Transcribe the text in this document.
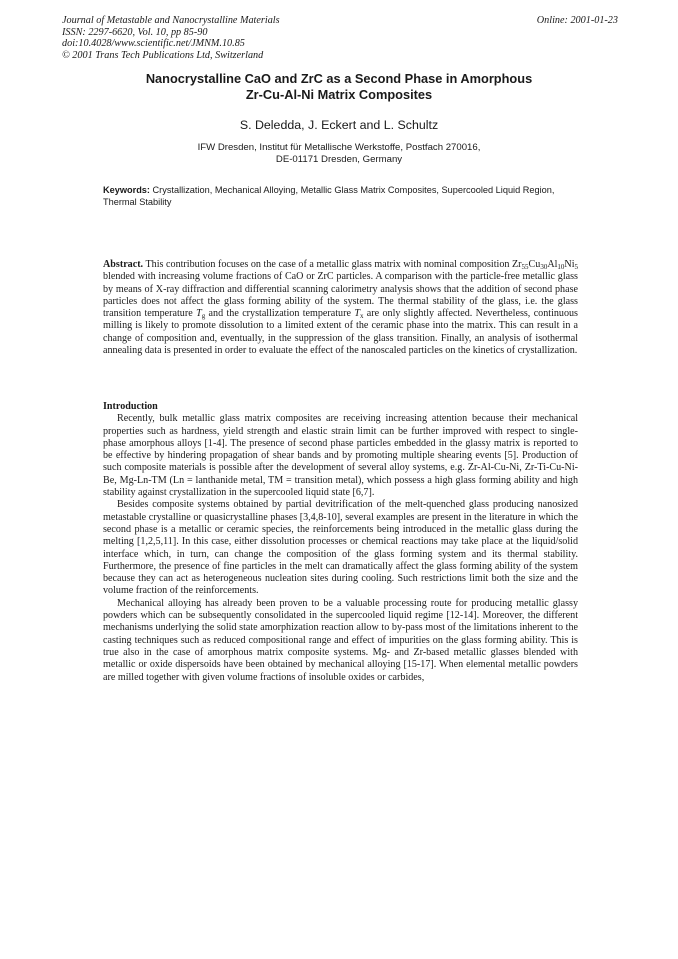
Journal of Metastable and Nanocrystalline Materials
ISSN: 2297-6620, Vol. 10, pp 85-90
doi:10.4028/www.scientific.net/JMNM.10.85
© 2001 Trans Tech Publications Ltd, Switzerland
Online: 2001-01-23
Nanocrystalline CaO and ZrC as a Second Phase in Amorphous
Zr-Cu-Al-Ni Matrix Composites
S. Deledda, J. Eckert and L. Schultz
IFW Dresden, Institut für Metallische Werkstoffe, Postfach 270016,
DE-01171 Dresden, Germany
Keywords: Crystallization, Mechanical Alloying, Metallic Glass Matrix Composites, Supercooled Liquid Region, Thermal Stability
Abstract. This contribution focuses on the case of a metallic glass matrix with nominal composition $Zr_{55}Cu_{30}Al_{10}Ni_5$ blended with increasing volume fractions of CaO or ZrC particles. A comparison with the particle-free metallic glass by means of X-ray diffraction and differential scanning calorimetry analysis shows that the addition of second phase particles does not affect the glass forming ability of the system. The thermal stability of the glass, i.e. the glass transition temperature $T_g$ and the crystallization temperature $T_x$ are only slightly affected. Nevertheless, continuous milling is likely to promote dissolution to a limited extent of the ceramic phase into the matrix. This can result in a change of composition and, eventually, in the suppression of the glass transition. Finally, an analysis of isothermal annealing data is presented in order to evaluate the effect of the nanoscaled particles on the kinetics of crystallization.
Introduction

Recently, bulk metallic glass matrix composites are receiving increasing attention because their mechanical properties such as hardness, yield strength and elastic strain limit can be further improved with respect to single-phase amorphous alloys [1-4]. The presence of second phase particles embedded in the glassy matrix is reported to be effective by hindering propagation of shear bands and by promoting multiple shearing events [5]. Production of such composite materials is possible after the development of several alloy systems, e.g. Zr-Al-Cu-Ni, Zr-Ti-Cu-Ni-Be, Mg-Ln-TM (Ln = lanthanide metal, TM = transition metal), which possess a high glass forming ability and high stability against crystallization in the supercooled liquid state [6,7].

Besides composite systems obtained by partial devitrification of the melt-quenched glass producing nanosized metastable crystalline or quasicrystalline phases [3,4,8-10], several examples are present in the literature in which the second phase is a metallic or ceramic species, the reinforcements being introduced in the metallic glass during the melting [1,2,5,11]. In this case, either dissolution processes or chemical reactions may take place at the liquid/solid interface which, in turn, can change the composition of the glass forming system and its thermal stability. Furthermore, the presence of fine particles in the melt can dramatically affect the glass forming ability of the system because they can act as heterogeneous nucleation sites during cooling. Such restrictions limit both the size and the volume fraction of the reinforcements.

Mechanical alloying has already been proven to be a valuable processing route for producing metallic glassy powders which can be subsequently consolidated in the supercooled liquid regime [12-14]. Moreover, the different mechanisms underlying the solid state amorphization reaction allow to by-pass most of the limitations inherent to the casting techniques such as reduced compositional range and effect of impurities on the glass forming ability. This is true also in the case of amorphous matrix composite systems. Mg- and Zr-based metallic glasses blended with metallic or oxide dispersoids have been obtained by mechanical alloying [15-17]. When elemental metallic powders are milled together with given volume fractions of insoluble oxides or carbides,
